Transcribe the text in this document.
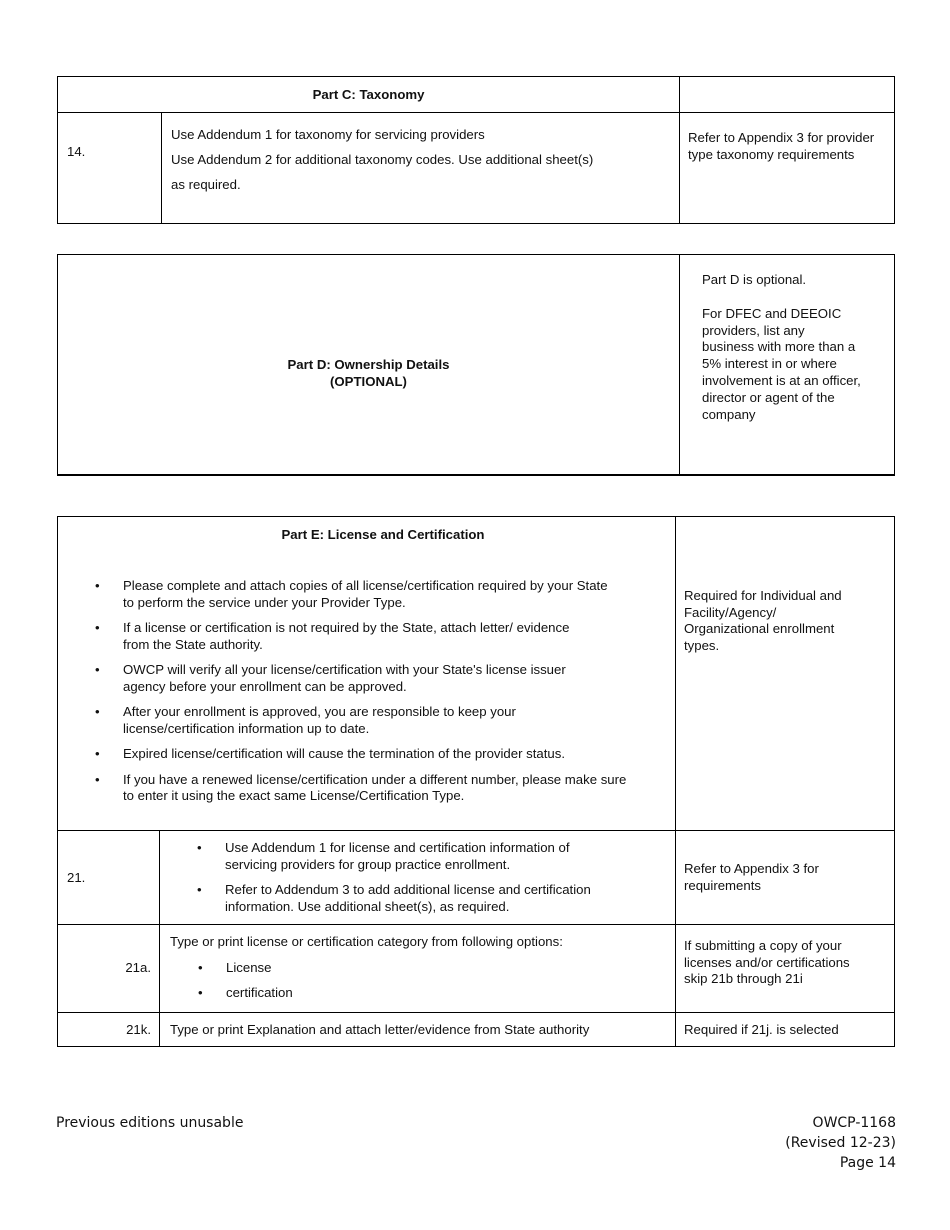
Part C: Taxonomy
14.
Use Addendum 1 for taxonomy for servicing providers
Use Addendum 2 for additional taxonomy codes. Use additional sheet(s)
as required.
Refer to Appendix 3 for provider
type taxonomy requirements
Part D: Ownership Details
(OPTIONAL)
Part D is optional.
For DFEC and DEEOIC
providers, list any
business with more than a
5% interest in or where
involvement is at an officer,
director or agent of the
company
Part E: License and Certification
• Please complete and attach copies of all license/certification required by your State
to perform the service under your Provider Type.
• If a license or certification is not required by the State, attach letter/ evidence
from the State authority.
• OWCP will verify all your license/certification with your State's license issuer
agency before your enrollment can be approved.
• After your enrollment is approved, you are responsible to keep your
license/certification information up to date.
• Expired license/certification will cause the termination of the provider status.
• If you have a renewed license/certification under a different number, please make sure
to enter it using the exact same License/Certification Type.
Required for Individual and
Facility/Agency/
Organizational enrollment
types.
21.
• Use Addendum 1 for license and certification information of
servicing providers for group practice enrollment.
• Refer to Addendum 3 to add additional license and certification
information. Use additional sheet(s), as required.
Refer to Appendix 3 for
requirements
21a.
Type or print license or certification category from following options:
• License
• certification
If submitting a copy of your
licenses and/or certifications
skip 21b through 21i
21k. Type or print Explanation and attach letter/evidence from State authority	Required if 21j. is selected
Previous editions unusable	OWCP-1168
(Revised 12-23)
Page 14
